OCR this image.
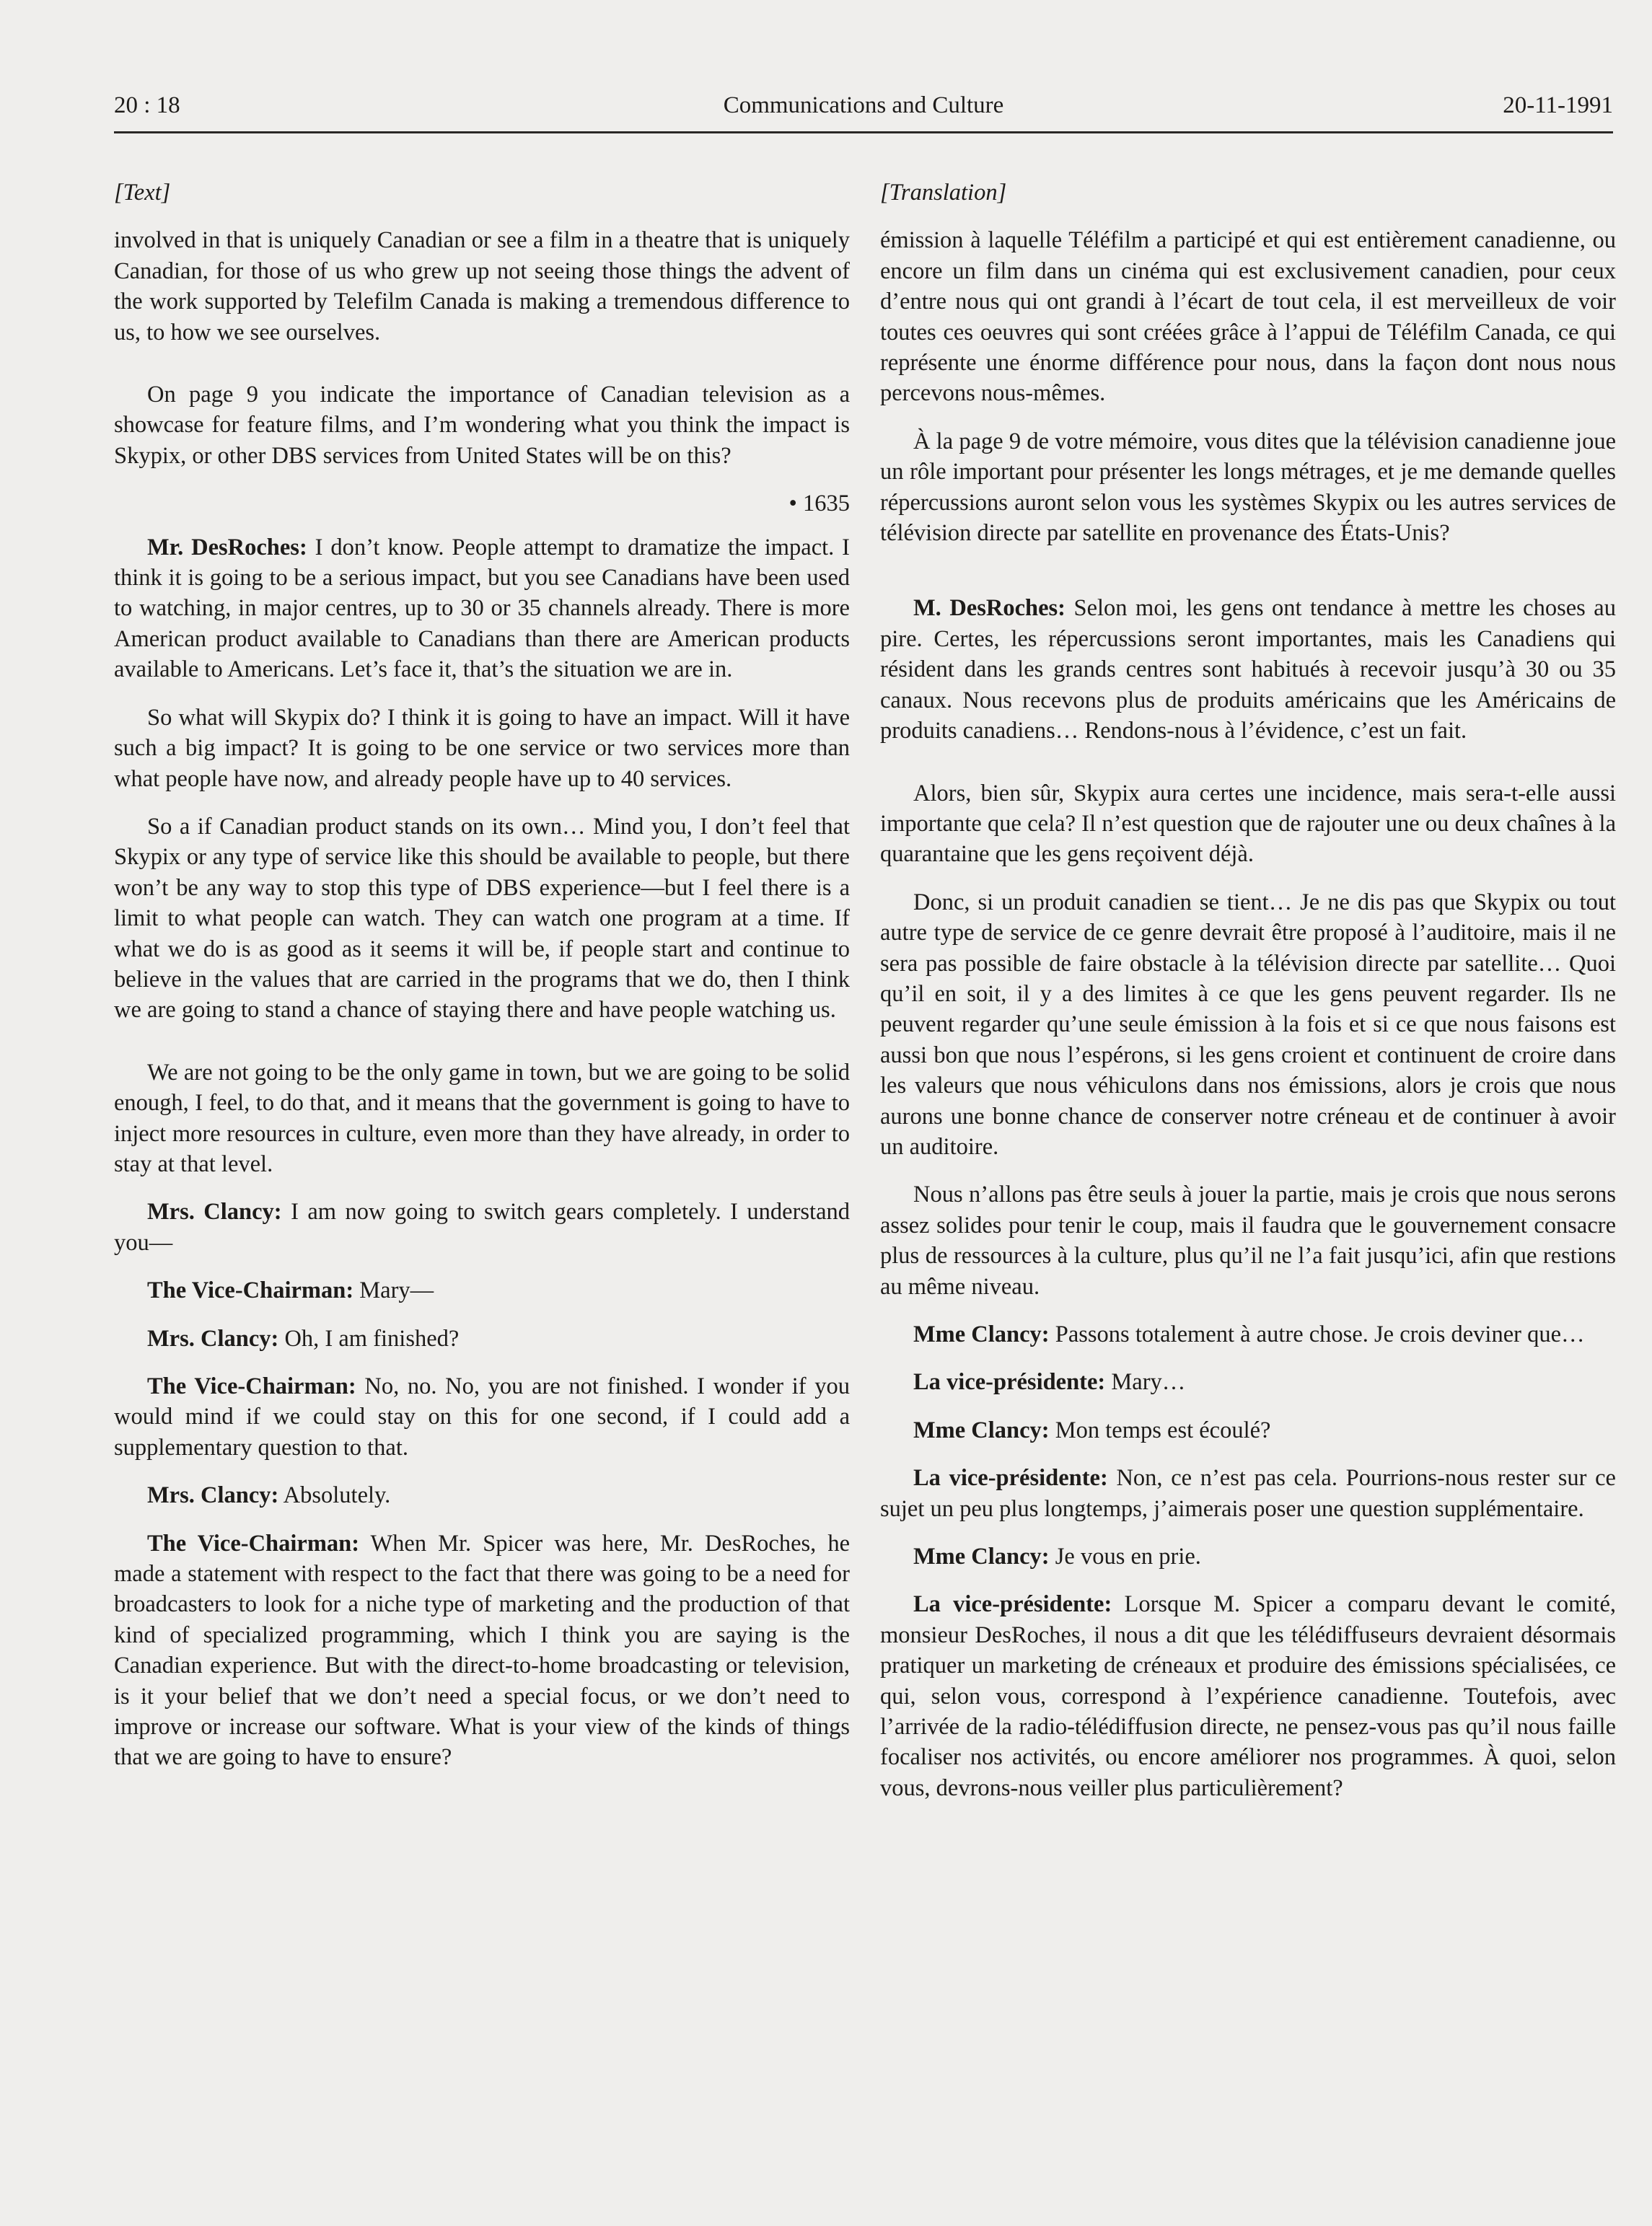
20 : 18	Communications and Culture	20-11-1991
[Text]

involved in that is uniquely Canadian or see a film in a theatre that is uniquely Canadian, for those of us who grew up not seeing those things the advent of the work supported by Telefilm Canada is making a tremendous difference to us, to how we see ourselves.

On page 9 you indicate the importance of Canadian television as a showcase for feature films, and I’m wondering what you think the impact is Skypix, or other DBS services from United States will be on this?

• 1635

Mr. DesRoches: I don’t know. People attempt to dramatize the impact. I think it is going to be a serious impact, but you see Canadians have been used to watching, in major centres, up to 30 or 35 channels already. There is more American product available to Canadians than there are American products available to Americans. Let’s face it, that’s the situation we are in.

So what will Skypix do? I think it is going to have an impact. Will it have such a big impact? It is going to be one service or two services more than what people have now, and already people have up to 40 services.

So a if Canadian product stands on its own… Mind you, I don’t feel that Skypix or any type of service like this should be available to people, but there won’t be any way to stop this type of DBS experience—but I feel there is a limit to what people can watch. They can watch one program at a time. If what we do is as good as it seems it will be, if people start and continue to believe in the values that are carried in the programs that we do, then I think we are going to stand a chance of staying there and have people watching us.

We are not going to be the only game in town, but we are going to be solid enough, I feel, to do that, and it means that the government is going to have to inject more resources in culture, even more than they have already, in order to stay at that level.

Mrs. Clancy: I am now going to switch gears completely. I understand you—

The Vice-Chairman: Mary—

Mrs. Clancy: Oh, I am finished?

The Vice-Chairman: No, no. No, you are not finished. I wonder if you would mind if we could stay on this for one second, if I could add a supplementary question to that.

Mrs. Clancy: Absolutely.

The Vice-Chairman: When Mr. Spicer was here, Mr. DesRoches, he made a statement with respect to the fact that there was going to be a need for broadcasters to look for a niche type of marketing and the production of that kind of specialized programming, which I think you are saying is the Canadian experience. But with the direct-to-home broadcasting or television, is it your belief that we don’t need a special focus, or we don’t need to improve or increase our software. What is your view of the kinds of things that we are going to have to ensure?

[Translation]

émission à laquelle Téléfilm a participé et qui est entièrement canadienne, ou encore un film dans un cinéma qui est exclusivement canadien, pour ceux d’entre nous qui ont grandi à l’écart de tout cela, il est merveilleux de voir toutes ces oeuvres qui sont créées grâce à l’appui de Téléfilm Canada, ce qui représente une énorme différence pour nous, dans la façon dont nous nous percevons nous-mêmes.

À la page 9 de votre mémoire, vous dites que la télévision canadienne joue un rôle important pour présenter les longs métrages, et je me demande quelles répercussions auront selon vous les systèmes Skypix ou les autres services de télévision directe par satellite en provenance des États-Unis?

M. DesRoches: Selon moi, les gens ont tendance à mettre les choses au pire. Certes, les répercussions seront importantes, mais les Canadiens qui résident dans les grands centres sont habitués à recevoir jusqu’à 30 ou 35 canaux. Nous recevons plus de produits américains que les Américains de produits canadiens… Rendons-nous à l’évidence, c’est un fait.

Alors, bien sûr, Skypix aura certes une incidence, mais sera-t-elle aussi importante que cela? Il n’est question que de rajouter une ou deux chaînes à la quarantaine que les gens reçoivent déjà.

Donc, si un produit canadien se tient… Je ne dis pas que Skypix ou tout autre type de service de ce genre devrait être proposé à l’auditoire, mais il ne sera pas possible de faire obstacle à la télévision directe par satellite… Quoi qu’il en soit, il y a des limites à ce que les gens peuvent regarder. Ils ne peuvent regarder qu’une seule émission à la fois et si ce que nous faisons est aussi bon que nous l’espérons, si les gens croient et continuent de croire dans les valeurs que nous véhiculons dans nos émissions, alors je crois que nous aurons une bonne chance de conserver notre créneau et de continuer à avoir un auditoire.

Nous n’allons pas être seuls à jouer la partie, mais je crois que nous serons assez solides pour tenir le coup, mais il faudra que le gouvernement consacre plus de ressources à la culture, plus qu’il ne l’a fait jusqu’ici, afin que restions au même niveau.

Mme Clancy: Passons totalement à autre chose. Je crois deviner que…

La vice-présidente: Mary…

Mme Clancy: Mon temps est écoulé?

La vice-présidente: Non, ce n’est pas cela. Pourrions-nous rester sur ce sujet un peu plus longtemps, j’aimerais poser une question supplémentaire.

Mme Clancy: Je vous en prie.

La vice-présidente: Lorsque M. Spicer a comparu devant le comité, monsieur DesRoches, il nous a dit que les télédiffuseurs devraient désormais pratiquer un marketing de créneaux et produire des émissions spécialisées, ce qui, selon vous, correspond à l’expérience canadienne. Toutefois, avec l’arrivée de la radio-télédiffusion directe, ne pensez-vous pas qu’il nous faille focaliser nos activités, ou encore améliorer nos programmes. À quoi, selon vous, devrons-nous veiller plus particulièrement?
